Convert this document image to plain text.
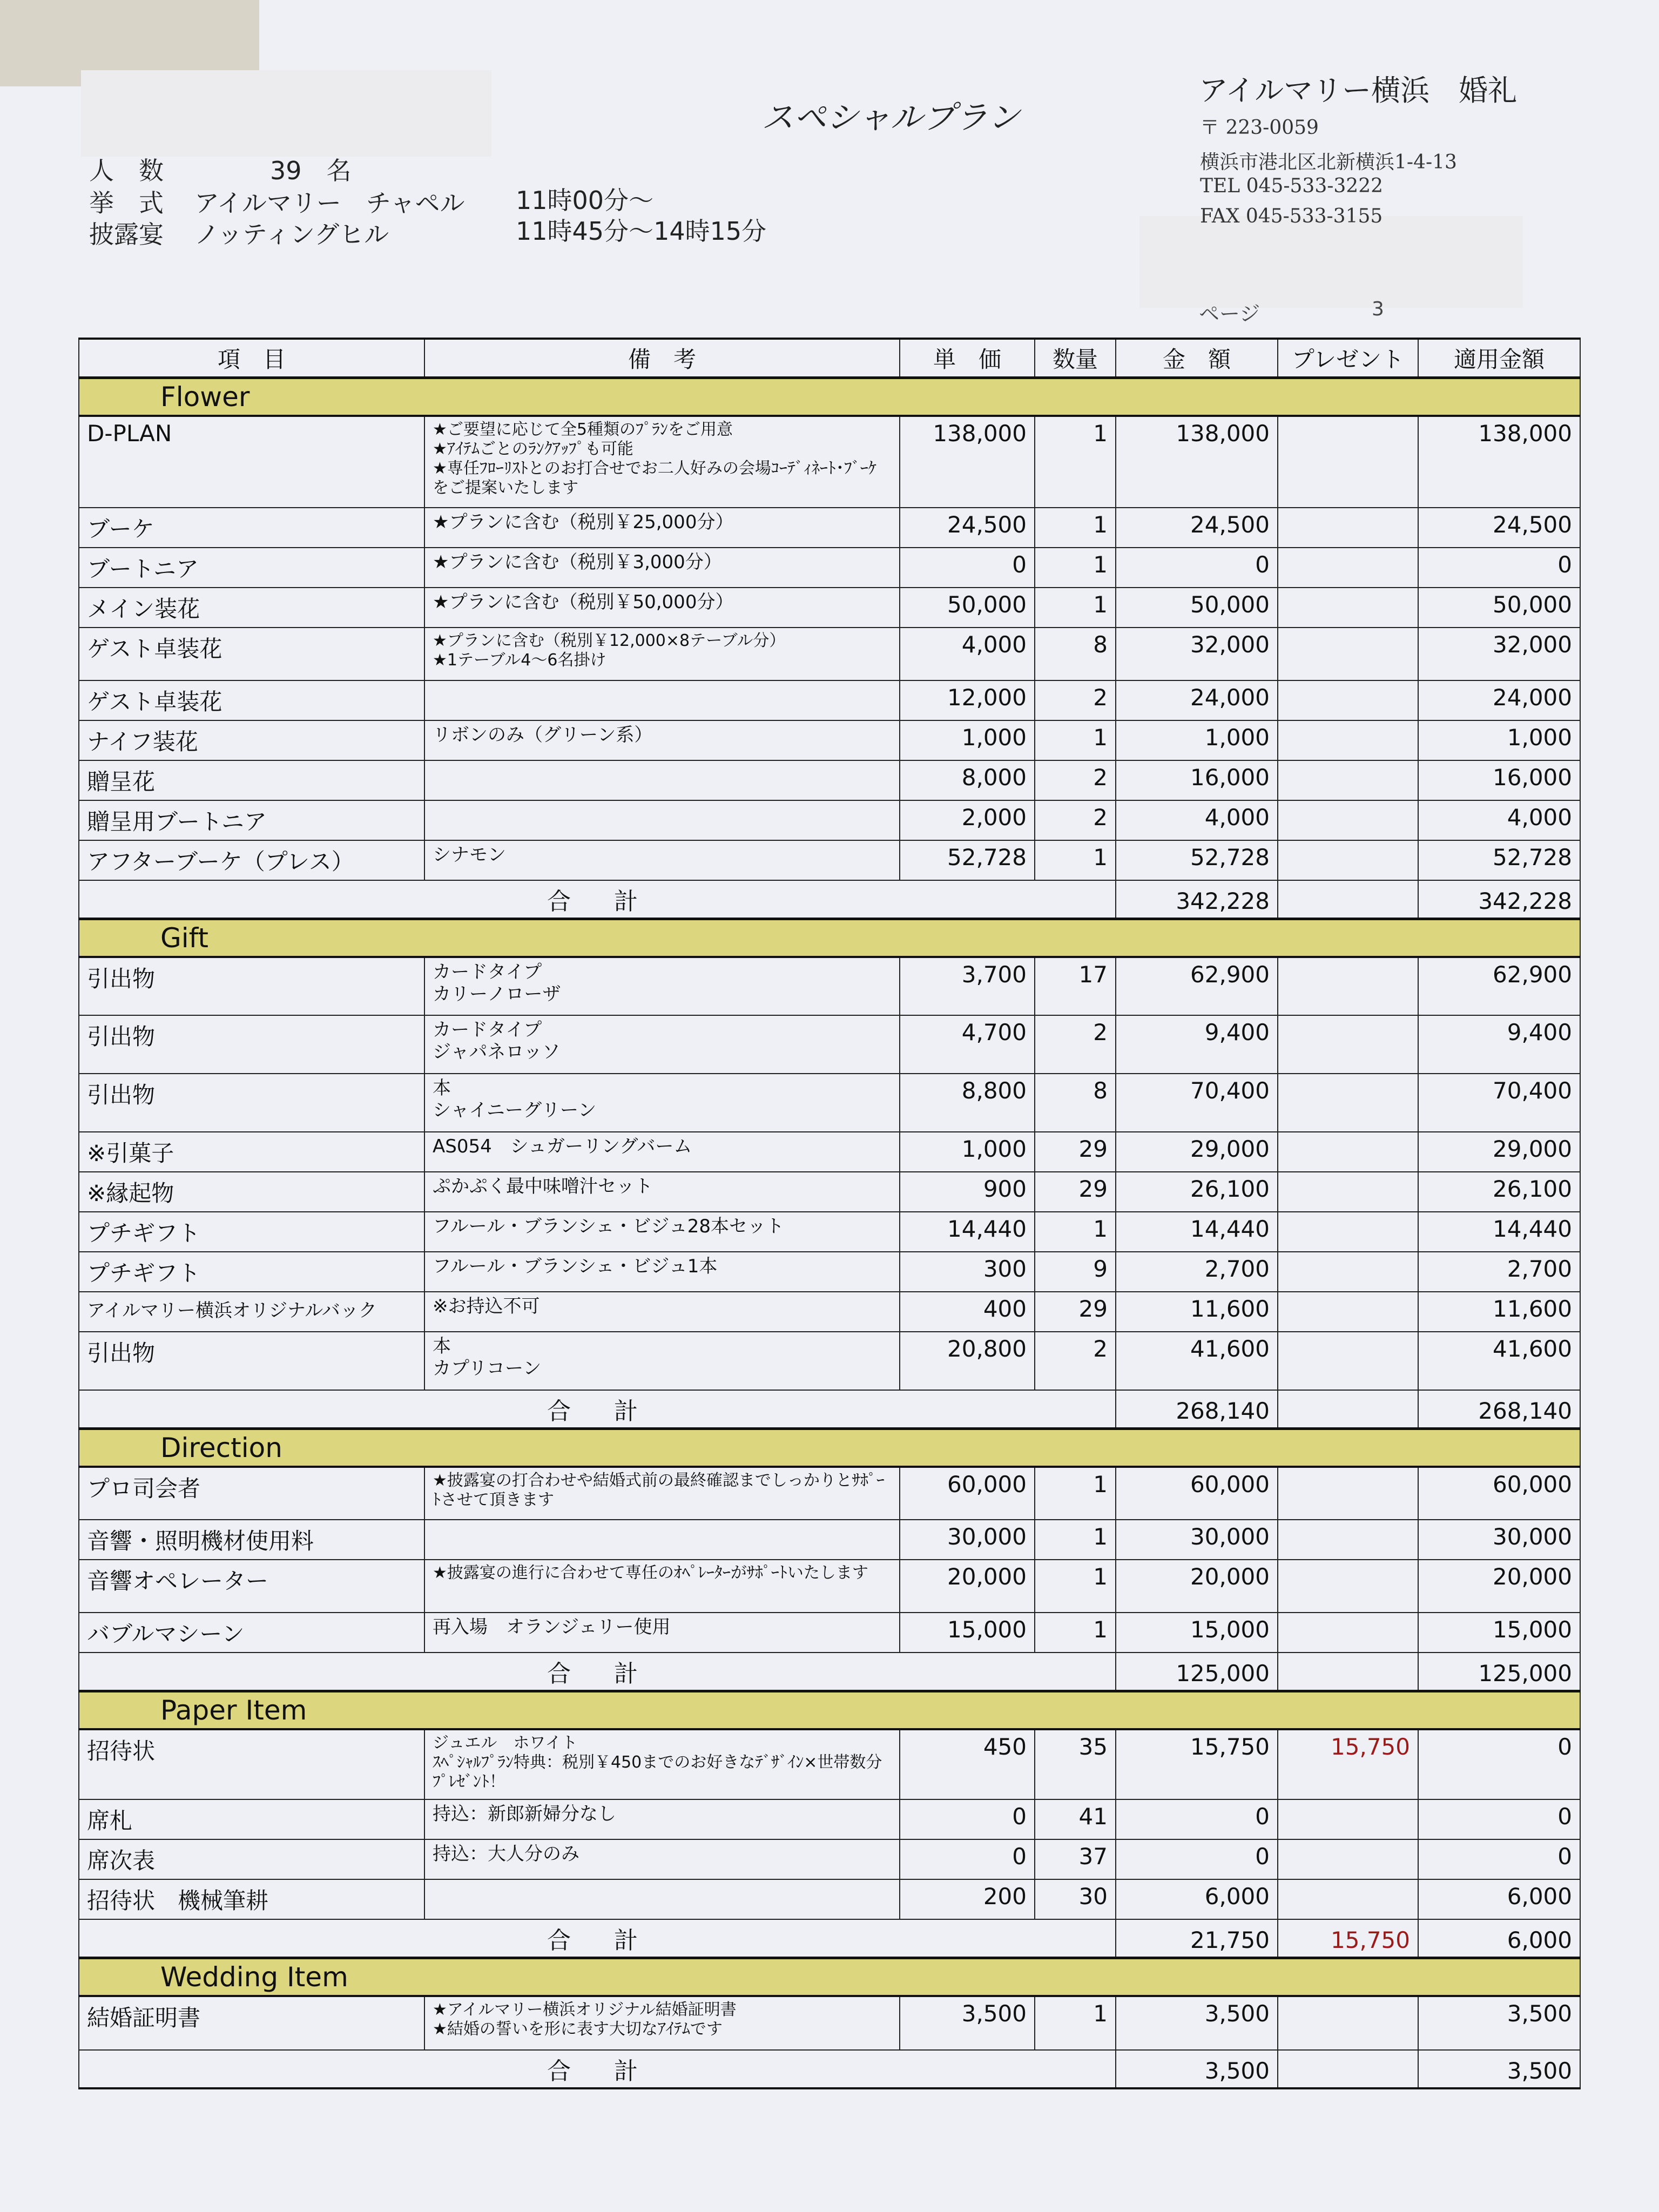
スペシャルプラン
人　数	39　名
挙　式 アイルマリー　チャペル 11時00分～
披露宴 ノッティングヒル	11時45分～14時15分
アイルマリー横浜　婚礼
〒 223-0059
横浜市港北区北新横浜1-4-13
TEL 045-533-3222
FAX 045-533-3155
ページ	3
項　目	備　考	単　価	数量	金　額	プレゼント	適用金額
Flower						
D-PLAN	★ご要望に応じて全5種類のﾌﾟﾗﾝをご用意
★ｱｲﾃﾑごとのﾗﾝｸｱｯﾌﾟも可能
★専任ﾌﾛｰﾘｽﾄとのお打合せでお二人好みの会場ｺｰﾃﾞｨﾈｰﾄ･ﾌﾞｰｹをご提案いたします	138,000	1	138,000		138,000
ブーケ	★プランに含む（税別￥25,000分）	24,500	1	24,500		24,500
ブートニア	★プランに含む（税別￥3,000分）	0	1	0		0
メイン装花	★プランに含む（税別￥50,000分）	50,000	1	50,000		50,000
ゲスト卓装花	★プランに含む（税別￥12,000×8テーブル分）
★1テーブル4～6名掛け	4,000	8	32,000		32,000
ゲスト卓装花		12,000	2	24,000		24,000
ナイフ装花	リボンのみ（グリーン系）	1,000	1	1,000		1,000
贈呈花		8,000	2	16,000		16,000
贈呈用ブートニア		2,000	2	4,000		4,000
アフターブーケ（プレス）	シナモン	52,728	1	52,728		52,728
合　計				342,228		342,228
Gift						
引出物	カードタイプ
カリーノローザ	3,700	17	62,900		62,900
引出物	カードタイプ
ジャパネロッソ	4,700	2	9,400		9,400
引出物	本
シャイニーグリーン	8,800	8	70,400		70,400
※引菓子	AS054　シュガーリングバーム	1,000	29	29,000		29,000
※縁起物	ぷかぷく最中味噌汁セット	900	29	26,100		26,100
プチギフト	フルール・ブランシェ・ビジュ28本セット	14,440	1	14,440		14,440
プチギフト	フルール・ブランシェ・ビジュ1本	300	9	2,700		2,700
アイルマリー横浜オリジナルバック	※お持込不可	400	29	11,600		11,600
引出物	本
カプリコーン	20,800	2	41,600		41,600
合　計				268,140		268,140
Direction						
プロ司会者	★披露宴の打合わせや結婚式前の最終確認までしっかりとｻﾎﾟｰﾄさせて頂きます	60,000	1	60,000		60,000
音響・照明機材使用料		30,000	1	30,000		30,000
音響オペレーター	★披露宴の進行に合わせて専任のｵﾍﾟﾚｰﾀｰがｻﾎﾟｰﾄいたします	20,000	1	20,000		20,000
バブルマシーン	再入場　オランジェリー使用	15,000	1	15,000		15,000
合　計				125,000		125,000
Paper Item						
招待状	ジュエル　ホワイト
ｽﾍﾟｼｬﾙﾌﾟﾗﾝ特典：税別￥450までのお好きなﾃﾞｻﾞｲﾝ×世帯数分ﾌﾟﾚｾﾞﾝﾄ！	450	35	15,750	15,750	0
席札	持込：新郎新婦分なし	0	41	0		0
席次表	持込：大人分のみ	0	37	0		0
招待状　機械筆耕		200	30	6,000		6,000
合　計				21,750	15,750	6,000
Wedding Item						
結婚証明書	★アイルマリー横浜オリジナル結婚証明書
★結婚の誓いを形に表す大切なｱｲﾃﾑです	3,500	1	3,500		3,500
合　計				3,500		3,500
